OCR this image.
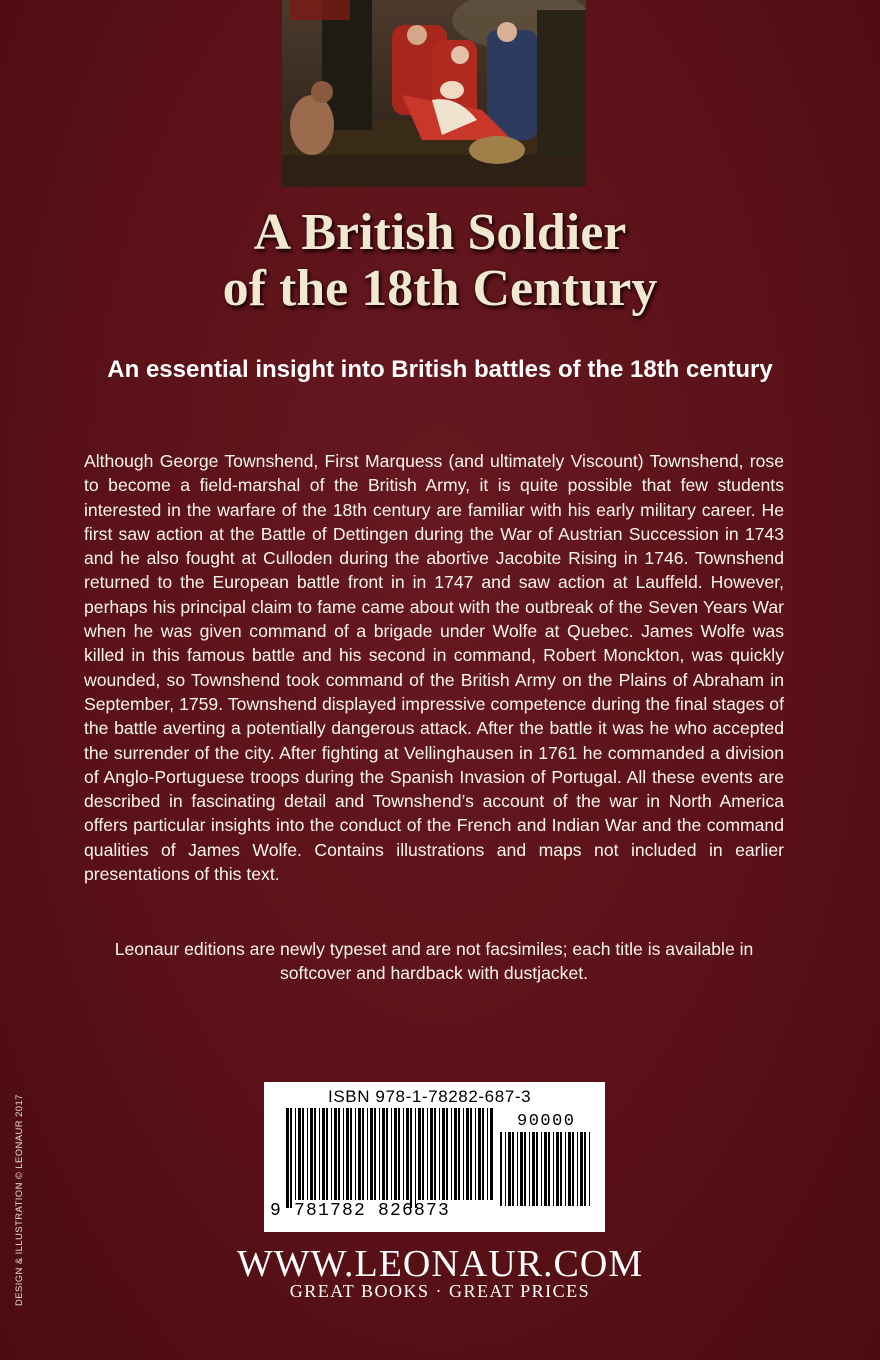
A British Soldier
of the 18th Century
An essential insight into British battles of the 18th century

Although George Townshend, First Marquess (and ultimately Viscount) Townshend, rose to become a field-marshal of the British Army, it is quite possible that few students interested in the warfare of the 18th century are familiar with his early military career. He first saw action at the Battle of Dettingen during the War of Austrian Succession in 1743 and he also fought at Culloden during the abortive Jacobite Rising in 1746. Townshend returned to the European battle front in in 1747 and saw action at Lauffeld. However, perhaps his principal claim to fame came about with the outbreak of the Seven Years War when he was given command of a brigade under Wolfe at Quebec. James Wolfe was killed in this famous battle and his second in command, Robert Monckton, was quickly wounded, so Townshend took command of the British Army on the Plains of Abraham in September, 1759. Townshend displayed impressive competence during the final stages of the battle averting a potentially dangerous attack. After the battle it was he who accepted the surrender of the city. After fighting at Vellinghausen in 1761 he commanded a division of Anglo-Portuguese troops during the Spanish Invasion of Portugal. All these events are described in fascinating detail and Townshend’s account of the war in North America offers particular insights into the conduct of the French and Indian War and the command qualities of James Wolfe. Contains illustrations and maps not included in earlier presentations of this text.

Leonaur editions are newly typeset and are not facsimiles; each title is available in softcover and hardback with dustjacket.

DESIGN & ILLUSTRATION © LEONAUR 2017	ISBN 978-1-78282-687-3
90000
9 781782 826873
WWW.LEONAUR.COM
GREAT BOOKS · GREAT PRICES
